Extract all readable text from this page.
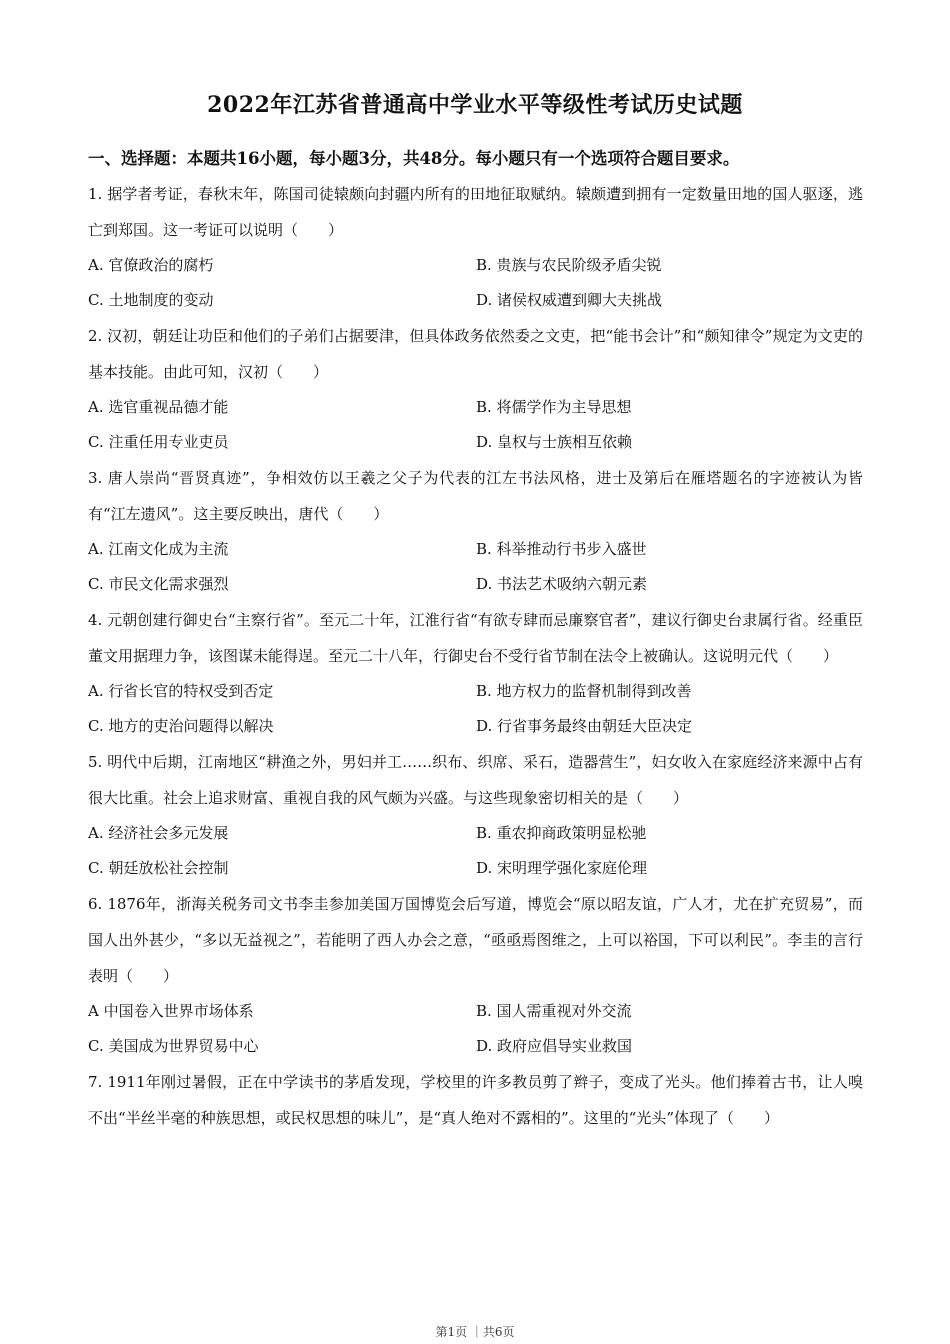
2022年江苏省普通高中学业水平等级性考试历史试题
一、选择题：本题共16小题，每小题3分，共48分。每小题只有一个选项符合题目要求。
1. 据学者考证，春秋末年，陈国司徒辕颇向封疆内所有的田地征取赋纳。辕颇遭到拥有一定数量田地的国人驱逐，逃亡到郑国。这一考证可以说明（　　）
A. 官僚政治的腐朽	B. 贵族与农民阶级矛盾尖锐
C. 土地制度的变动	D. 诸侯权威遭到卿大夫挑战
2. 汉初，朝廷让功臣和他们的子弟们占据要津，但具体政务依然委之文吏，把“能书会计”和“颇知律令”规定为文吏的基本技能。由此可知，汉初（　　）
A. 选官重视品德才能	B. 将儒学作为主导思想
C. 注重任用专业吏员	D. 皇权与士族相互依赖
3. 唐人崇尚“晋贤真迹”，争相效仿以王羲之父子为代表的江左书法风格，进士及第后在雁塔题名的字迹被认为皆有“江左遗风”。这主要反映出，唐代（　　）
A. 江南文化成为主流	B. 科举推动行书步入盛世
C. 市民文化需求强烈	D. 书法艺术吸纳六朝元素
4. 元朝创建行御史台“主察行省”。至元二十年，江淮行省“有欲专肆而忌廉察官者”，建议行御史台隶属行省。经重臣董文用据理力争，该图谋未能得逞。至元二十八年，行御史台不受行省节制在法令上被确认。这说明元代（　　）
A. 行省长官的特权受到否定	B. 地方权力的监督机制得到改善
C. 地方的吏治问题得以解决	D. 行省事务最终由朝廷大臣决定
5. 明代中后期，江南地区“耕渔之外，男妇并工……织布、织席、采石，造器营生”，妇女收入在家庭经济来源中占有很大比重。社会上追求财富、重视自我的风气颇为兴盛。与这些现象密切相关的是（　　）
A. 经济社会多元发展	B. 重农抑商政策明显松驰
C. 朝廷放松社会控制	D. 宋明理学强化家庭伦理
6. 1876年，浙海关税务司文书李圭参加美国万国博览会后写道，博览会“原以昭友谊，广人才，尤在扩充贸易”，而国人出外甚少，“多以无益视之”，若能明了西人办会之意，“亟亟焉图维之，上可以裕国，下可以利民”。李圭的言行表明（　　）
A 中国卷入世界市场体系	B. 国人需重视对外交流
C. 美国成为世界贸易中心	D. 政府应倡导实业救国
7. 1911年刚过暑假，正在中学读书的茅盾发现，学校里的许多教员剪了辫子，变成了光头。他们捧着古书，让人嗅不出“半丝半毫的种族思想，或民权思想的味儿”，是“真人绝对不露相的”。这里的“光头”体现了（　　）
第1页 ｜共6页
